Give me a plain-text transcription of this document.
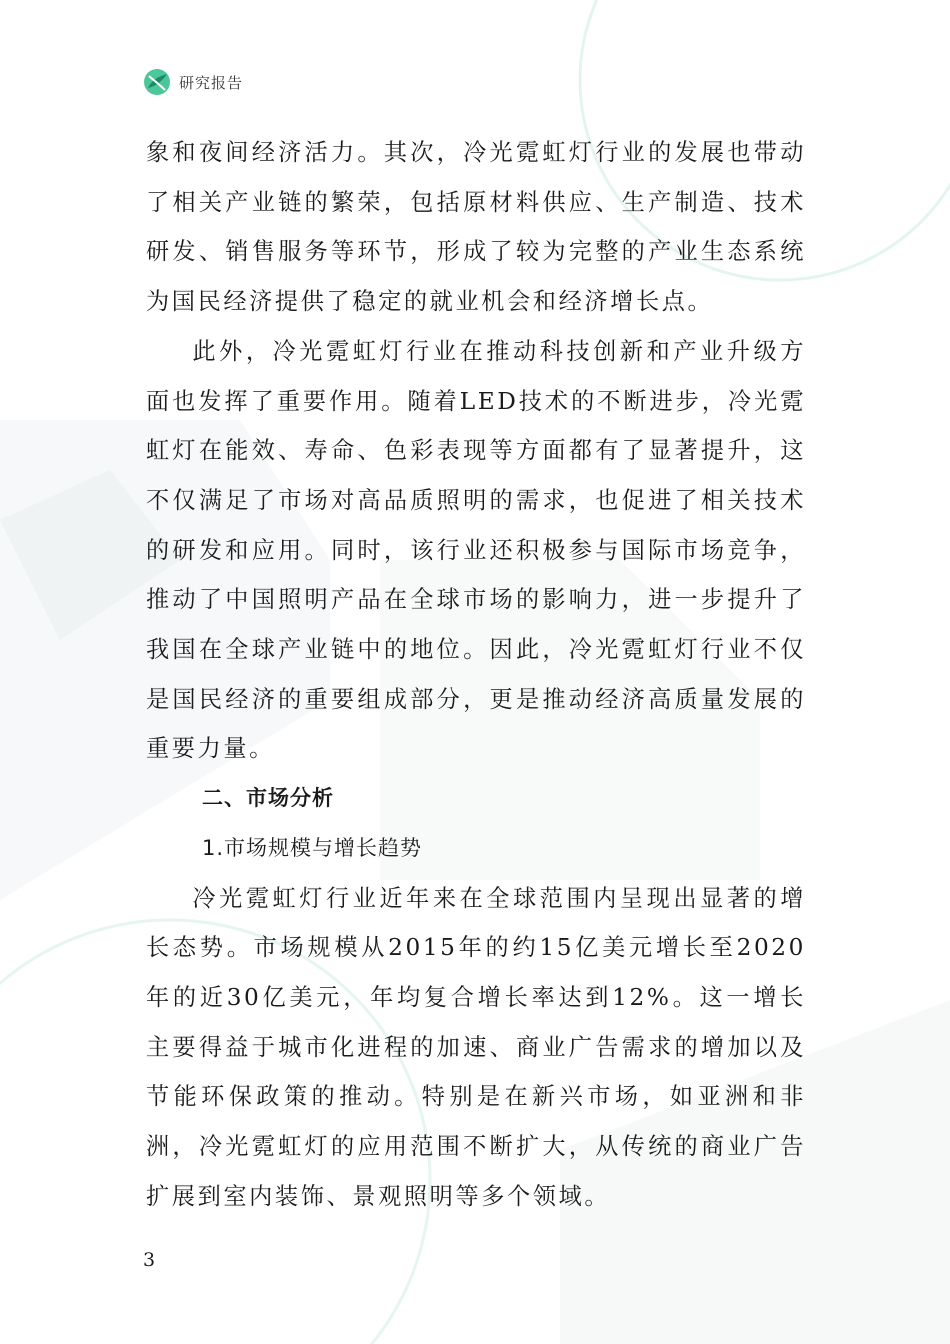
研究报告

象和夜间经济活力。其次，冷光霓虹灯行业的发展也带动了相关产业链的繁荣，包括原材料供应、生产制造、技术研发、销售服务等环节，形成了较为完整的产业生态系统为国民经济提供了稳定的就业机会和经济增长点。

此外，冷光霓虹灯行业在推动科技创新和产业升级方面也发挥了重要作用。随着LED技术的不断进步，冷光霓虹灯在能效、寿命、色彩表现等方面都有了显著提升，这不仅满足了市场对高品质照明的需求，也促进了相关技术的研发和应用。同时，该行业还积极参与国际市场竞争，推动了中国照明产品在全球市场的影响力，进一步提升了我国在全球产业链中的地位。因此，冷光霓虹灯行业不仅是国民经济的重要组成部分，更是推动经济高质量发展的重要力量。

二、市场分析

1.市场规模与增长趋势

冷光霓虹灯行业近年来在全球范围内呈现出显著的增长态势。市场规模从2015年的约15亿美元增长至2020年的近30亿美元，年均复合增长率达到12%。这一增长主要得益于城市化进程的加速、商业广告需求的增加以及节能环保政策的推动。特别是在新兴市场，如亚洲和非洲，冷光霓虹灯的应用范围不断扩大，从传统的商业广告扩展到室内装饰、景观照明等多个领域。

3
